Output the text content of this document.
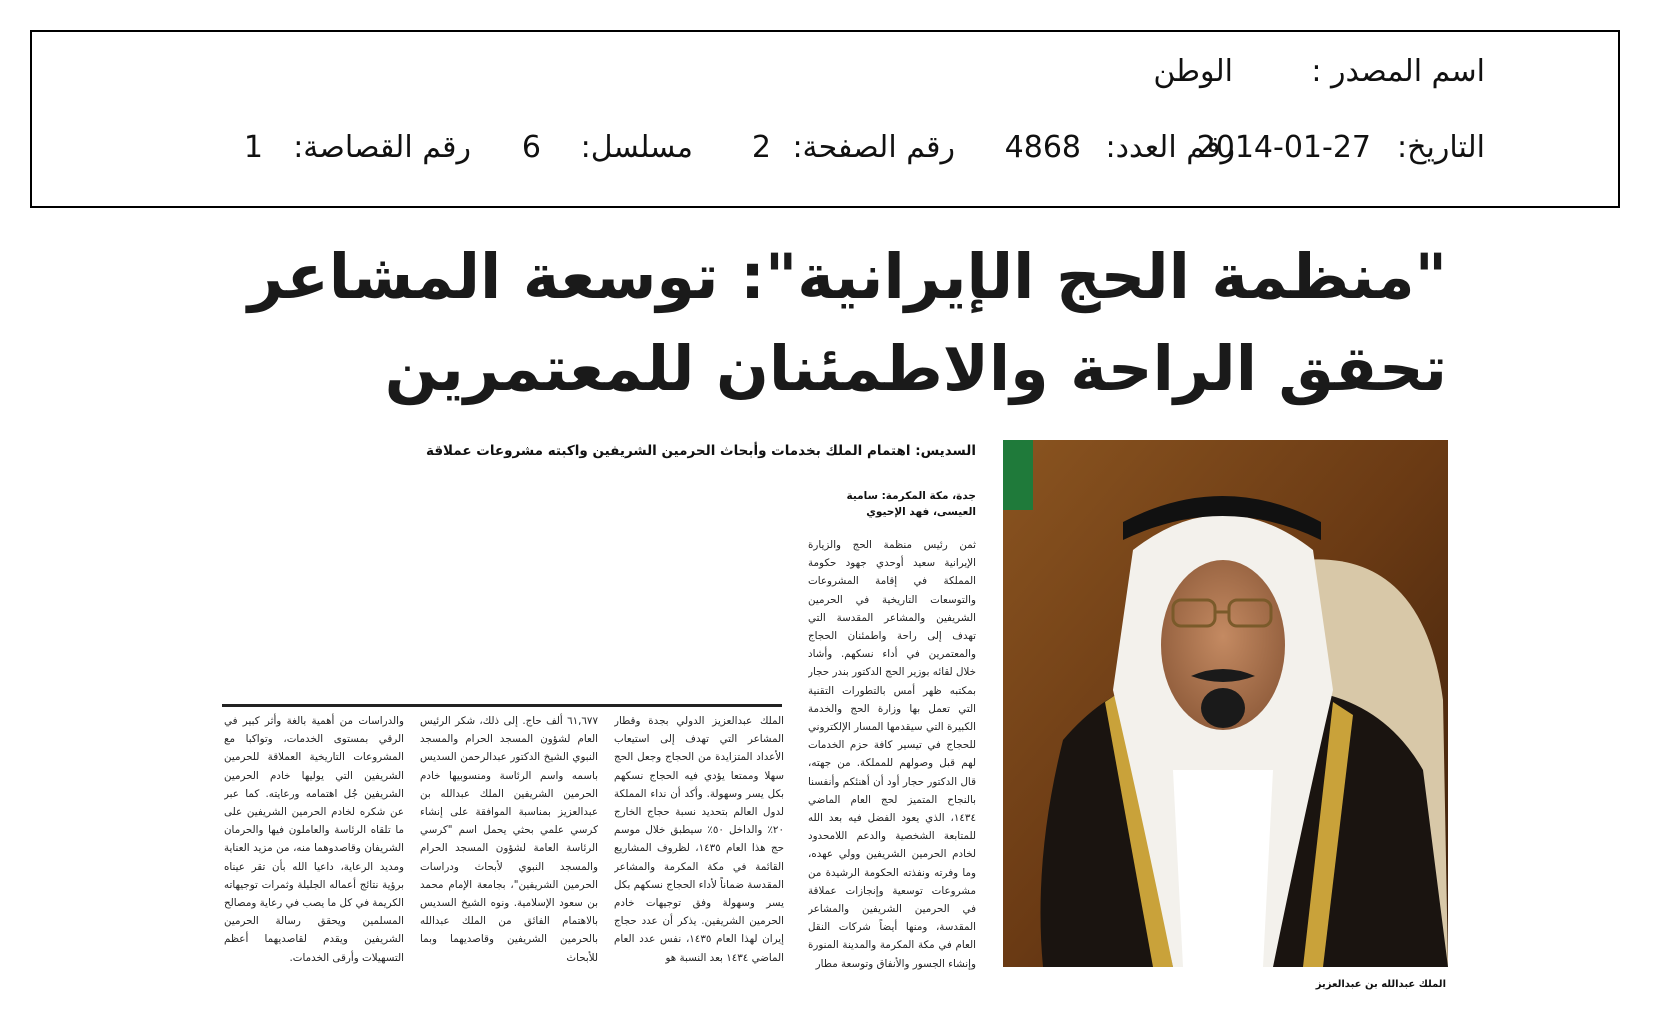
اسم المصدر :
الوطن
التاريخ:
2014-01-27
رقم العدد:
4868
رقم الصفحة:
2
مسلسل:
6
رقم القصاصة:
1
"منظمة الحج الإيرانية": توسعة المشاعر
تحقق الراحة والاطمئنان للمعتمرين
السديس: اهتمام الملك بخدمات وأبحاث الحرمين الشريفين واكبته مشروعات عملاقة
جدة، مكة المكرمة: سامية
العيسى، فهد الإحيوي
ثمن رئيس منظمة الحج والزيارة الإيرانية سعيد أوحدي جهود حكومة المملكة في إقامة المشروعات والتوسعات التاريخية في الحرمين الشريفين والمشاعر المقدسة التي تهدف إلى راحة واطمئنان الحجاج والمعتمرين في أداء نسكهم. وأشاد خلال لقائه بوزير الحج الدكتور بندر حجار بمكتبه ظهر أمس بالتطورات التقنية التي تعمل بها وزارة الحج والخدمة الكبيرة التي سيقدمها المسار الإلكتروني للحجاج في تيسير كافة حزم الخدمات لهم قبل وصولهم للمملكة. من جهته، قال الدكتور حجار أود أن أهنئكم وأنفسنا بالنجاح المتميز لحج العام الماضي ١٤٣٤، الذي يعود الفضل فيه بعد الله للمتابعة الشخصية والدعم اللامحدود لخادم الحرمين الشريفين وولي عهده، وما وفرته ونفذته الحكومة الرشيدة من مشروعات توسعية وإنجازات عملاقة في الحرمين الشريفين والمشاعر المقدسة، ومنها أيضاً شركات النقل العام في مكة المكرمة والمدينة المنورة وإنشاء الجسور والأنفاق وتوسعة مطار
الملك عبدالعزيز الدولي بجدة وقطار المشاعر التي تهدف إلى استيعاب الأعداد المتزايدة من الحجاج وجعل الحج سهلا وممتعا يؤدي فيه الحجاج نسكهم بكل يسر وسهولة. وأكد أن نداء المملكة لدول العالم بتحديد نسبة حجاج الخارج ٢٠٪ والداخل ٥٠٪ سيطبق خلال موسم حج هذا العام ١٤٣٥، لظروف المشاريع القائمة في مكة المكرمة والمشاعر المقدسة ضماناً لأداء الحجاج نسكهم بكل يسر وسهولة وفق توجيهات خادم الحرمين الشريفين. يذكر أن عدد حجاج إيران لهذا العام ١٤٣٥، نفس عدد العام الماضي ١٤٣٤ بعد النسبة هو
٦١,٦٧٧ ألف حاج. إلى ذلك، شكر الرئيس العام لشؤون المسجد الحرام والمسجد النبوي الشيخ الدكتور عبدالرحمن السديس باسمه واسم الرئاسة ومنسوبيها خادم الحرمين الشريفين الملك عبدالله بن عبدالعزيز بمناسبة الموافقة على إنشاء كرسي علمي بحثي يحمل اسم "كرسي الرئاسة العامة لشؤون المسجد الحرام والمسجد النبوي لأبحاث ودراسات الحرمين الشريفين"، بجامعة الإمام محمد بن سعود الإسلامية. ونوه الشيخ السديس بالاهتمام الفائق من الملك عبدالله بالحرمين الشريفين وقاصديهما وبما للأبحاث
والدراسات من أهمية بالغة وأثر كبير في الرقي بمستوى الخدمات، وتواكبا مع المشروعات التاريخية العملاقة للحرمين الشريفين التي يوليها خادم الحرمين الشريفين جُل اهتمامه ورعايته. كما عبر عن شكره لخادم الحرمين الشريفين على ما تلقاه الرئاسة والعاملون فيها والحرمان الشريفان وقاصدوهما منه، من مزيد العناية ومديد الرعاية، داعيا الله بأن تقر عيناه برؤية نتائج أعماله الجليلة وثمرات توجيهاته الكريمة في كل ما يصب في رعاية ومصالح المسلمين ويحقق رسالة الحرمين الشريفين ويقدم لقاصديهما أعظم التسهيلات وأرقى الخدمات.
الملك عبدالله بن عبدالعزيز
